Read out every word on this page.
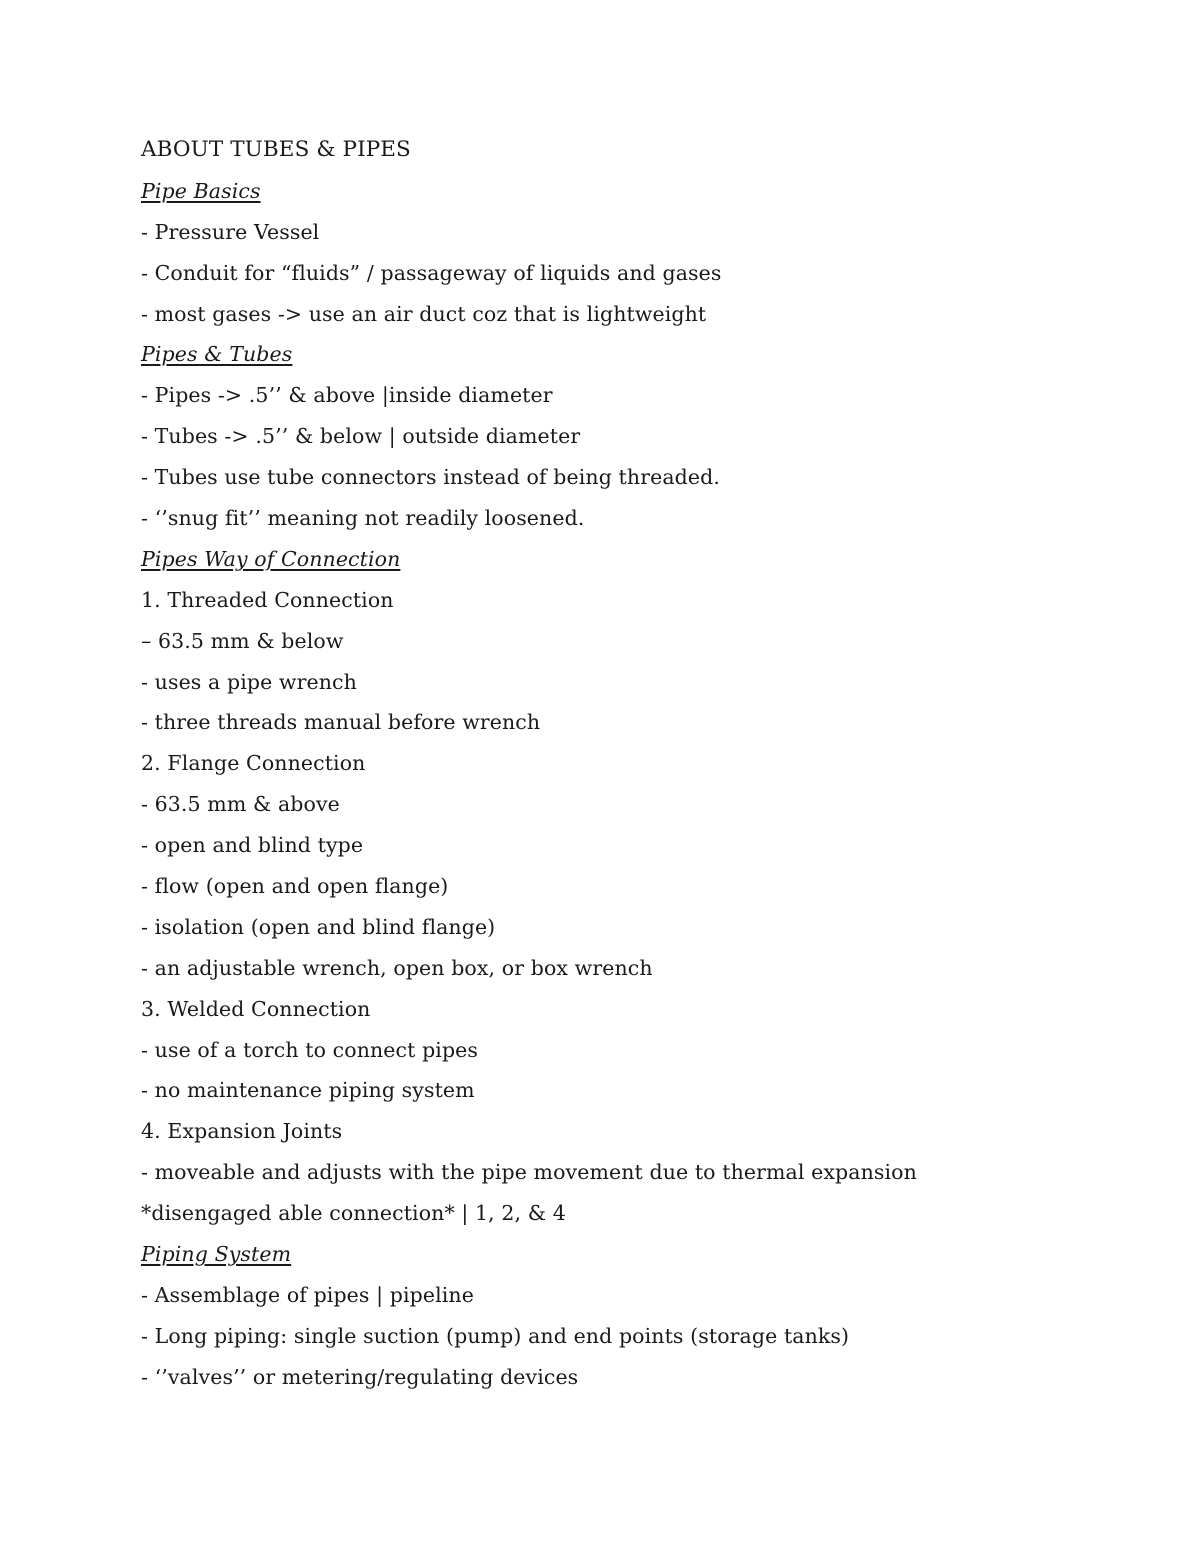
ABOUT TUBES & PIPES
Pipe Basics
- Pressure Vessel
- Conduit for “fluids” / passageway of liquids and gases
- most gases -> use an air duct coz that is lightweight
Pipes & Tubes
- Pipes -> .5’’ & above |inside diameter
- Tubes -> .5’’ & below | outside diameter
- Tubes use tube connectors instead of being threaded.
- ‘’snug fit’’ meaning not readily loosened.
Pipes Way of Connection
1. Threaded Connection
– 63.5 mm & below
- uses a pipe wrench
- three threads manual before wrench
2. Flange Connection
- 63.5 mm & above
- open and blind type
- flow (open and open flange)
- isolation (open and blind flange)
- an adjustable wrench, open box, or box wrench
3. Welded Connection
- use of a torch to connect pipes
- no maintenance piping system
4. Expansion Joints
- moveable and adjusts with the pipe movement due to thermal expansion
*disengaged able connection* | 1, 2, & 4
Piping System
- Assemblage of pipes | pipeline
- Long piping: single suction (pump) and end points (storage tanks)
- ‘’valves’’ or metering/regulating devices
